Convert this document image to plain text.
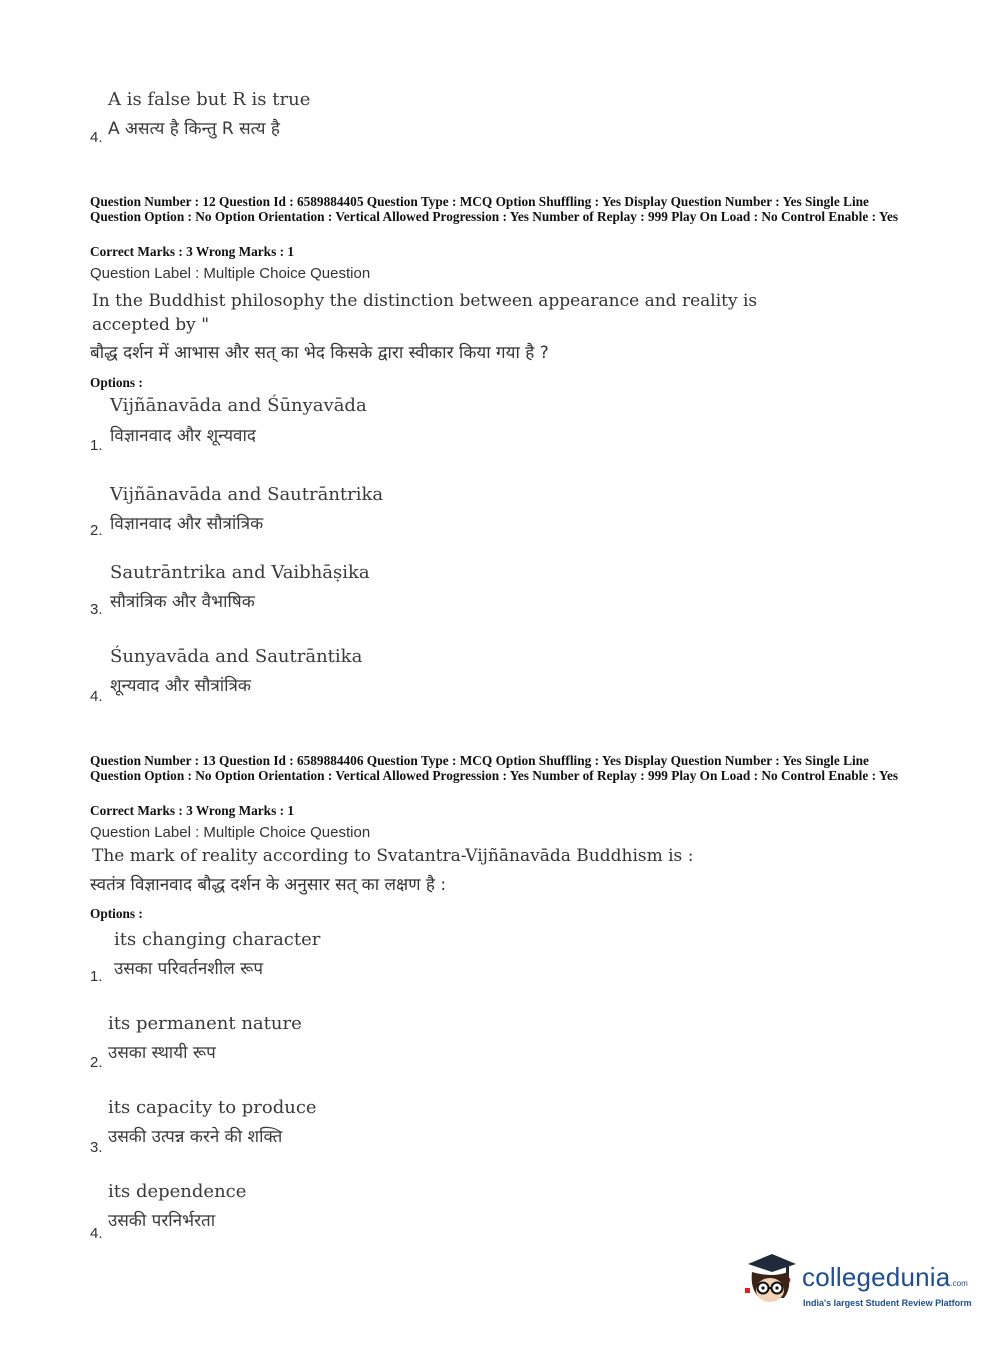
A is false but R is true
4. A असत्य है किन्तु R सत्य है
Question Number : 12 Question Id : 6589884405 Question Type : MCQ Option Shuffling : Yes Display Question Number : Yes Single Line Question Option : No Option Orientation : Vertical Allowed Progression : Yes Number of Replay : 999 Play On Load : No Control Enable : Yes
Correct Marks : 3 Wrong Marks : 1
Question Label : Multiple Choice Question
In the Buddhist philosophy the distinction between appearance and reality is
accepted by "
बौद्ध दर्शन में आभास और सत् का भेद किसके द्वारा स्वीकार किया गया है ?
Options :
Vijñānavāda and Śūnyavāda
विज्ञानवाद और शून्यवाद
1.
Vijñānavāda and Sautrāntrika
विज्ञानवाद और सौत्रांत्रिक
2.
Sautrāntrika and Vaibhāṣika
सौत्रांत्रिक और वैभाषिक
3.
Śunyavāda and Sautrāntika
शून्यवाद और सौत्रांत्रिक
4.
Question Number : 13 Question Id : 6589884406 Question Type : MCQ Option Shuffling : Yes Display Question Number : Yes Single Line Question Option : No Option Orientation : Vertical Allowed Progression : Yes Number of Replay : 999 Play On Load : No Control Enable : Yes
Correct Marks : 3 Wrong Marks : 1
Question Label : Multiple Choice Question
The mark of reality according to Svatantra-Vijñānavāda Buddhism is :
स्वतंत्र विज्ञानवाद बौद्ध दर्शन के अनुसार सत् का लक्षण है :
Options :
its changing character
उसका परिवर्तनशील रूप
1.
its permanent nature
उसका स्थायी रूप
2.
its capacity to produce
उसकी उत्पन्न करने की शक्ति
3.
its dependence
उसकी परनिर्भरता
4.
collegedunia.com
India's largest Student Review Platform
